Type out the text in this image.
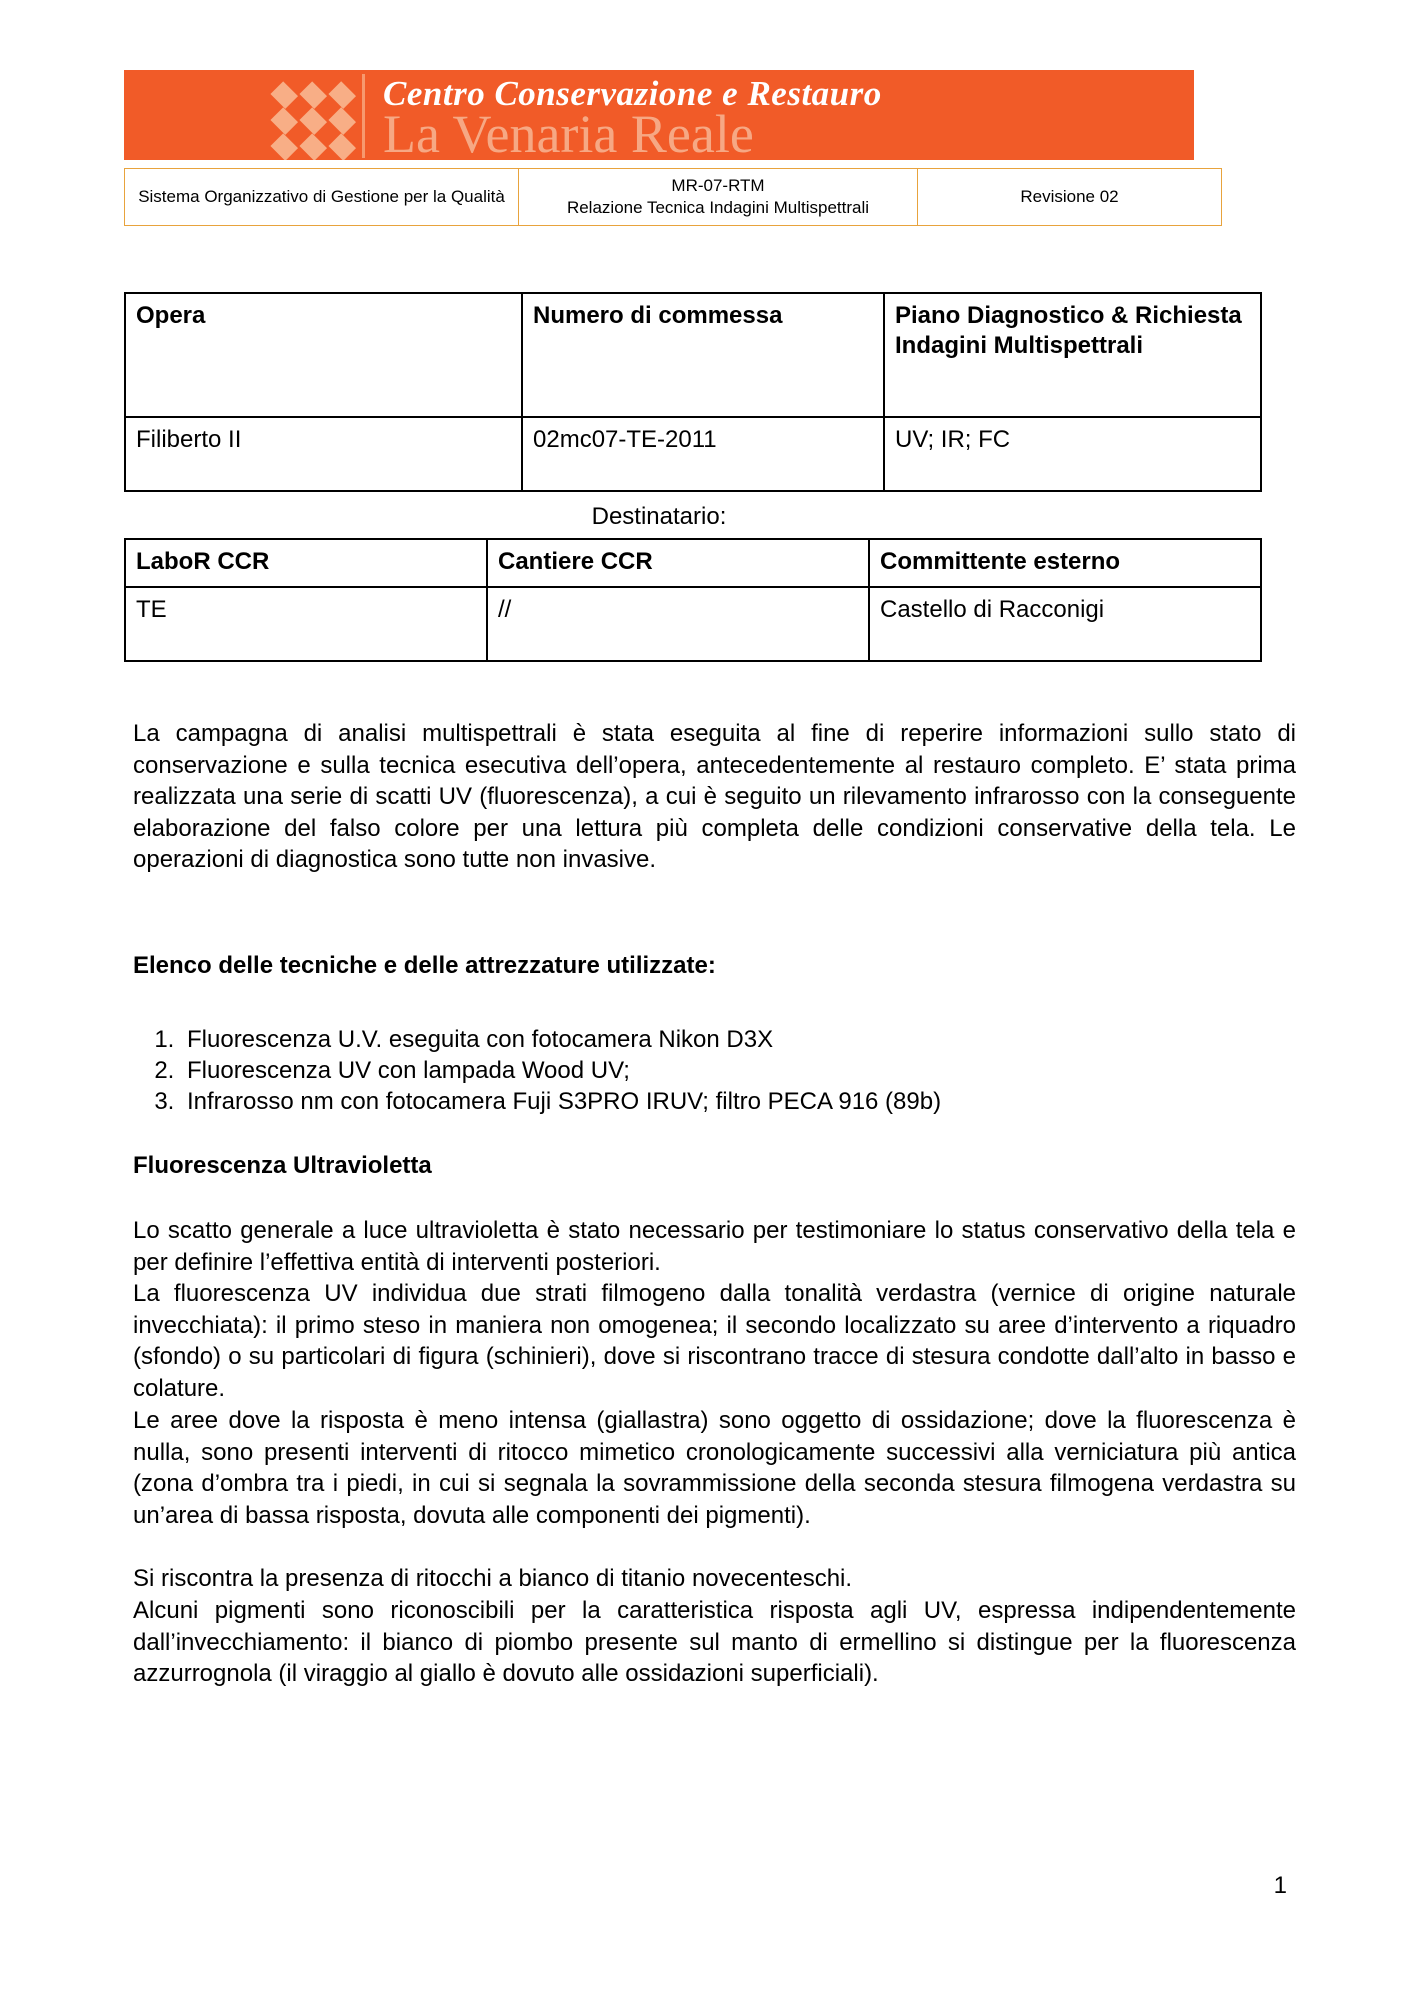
Centro Conservazione e Restauro
La Venaria Reale
Sistema Organizzativo di Gestione per la Qualità	
MR-07-RTM
Relazione Tecnica Indagini Multispettrali
	Revisione 02
Opera	Numero di commessa	Piano Diagnostico & Richiesta Indagini Multispettrali
Filiberto II	02mc07-TE-2011	UV; IR; FC
Destinatario:
LaboR CCR	Cantiere CCR	Committente esterno
TE	//	Castello di Racconigi
La campagna di analisi multispettrali è stata eseguita al fine di reperire informazioni sullo stato di conservazione e sulla tecnica esecutiva dell’opera, antecedentemente al restauro completo. E’ stata prima realizzata una serie di scatti UV (fluorescenza), a cui è seguito un rilevamento infrarosso con la conseguente elaborazione del falso colore per una lettura più completa delle condizioni conservative della tela. Le operazioni di diagnostica sono tutte non invasive.
Elenco delle tecniche e delle attrezzature utilizzate:
1. Fluorescenza U.V. eseguita con fotocamera Nikon D3X
2. Fluorescenza UV con lampada Wood UV;
3. Infrarosso nm con fotocamera Fuji S3PRO IRUV; filtro PECA 916 (89b)
Fluorescenza Ultravioletta
Lo scatto generale a luce ultravioletta è stato necessario per testimoniare lo status conservativo della tela e per definire l’effettiva entità di interventi posteriori.
La fluorescenza UV individua due strati filmogeno dalla tonalità verdastra (vernice di origine naturale invecchiata): il primo steso in maniera non omogenea; il secondo localizzato su aree d’intervento a riquadro (sfondo) o su particolari di figura (schinieri), dove si riscontrano tracce di stesura condotte dall’alto in basso e colature.
Le aree dove la risposta è meno intensa (giallastra) sono oggetto di ossidazione; dove la fluorescenza è nulla, sono presenti interventi di ritocco mimetico cronologicamente successivi alla verniciatura più antica (zona d’ombra tra i piedi, in cui si segnala la sovrammissione della seconda stesura filmogena verdastra su un’area di bassa risposta, dovuta alle componenti dei pigmenti).
Si riscontra la presenza di ritocchi a bianco di titanio novecenteschi.
Alcuni pigmenti sono riconoscibili per la caratteristica risposta agli UV, espressa indipendentemente dall’invecchiamento: il bianco di piombo presente sul manto di ermellino si distingue per la fluorescenza azzurrognola (il viraggio al giallo è dovuto alle ossidazioni superficiali).
1
